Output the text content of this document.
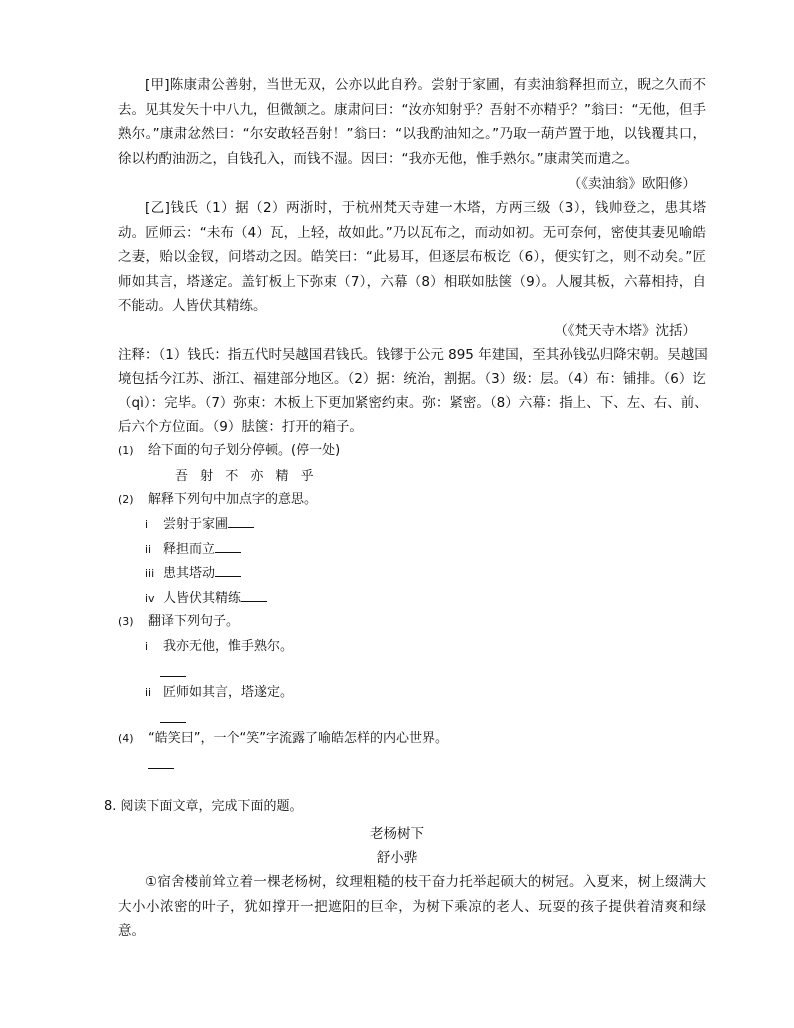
[甲]陈康肃公善射，当世无双，公亦以此自矜。尝射于家圃，有卖油翁释担而立，睨之久而不去。见其发矢十中八九，但微颔之。康肃问曰：“汝亦知射乎？吾射不亦精乎？”翁曰：“无他，但手熟尔。”康肃忿然曰：“尔安敢轻吾射！”翁曰：“以我酌油知之。”乃取一葫芦置于地，以钱覆其口，徐以杓酌油沥之，自钱孔入，而钱不湿。因曰：“我亦无他，惟手熟尔。”康肃笑而遣之。

（《卖油翁》欧阳修）

[乙]钱氏（1）据（2）两浙时，于杭州梵天寺建一木塔，方两三级（3），钱帅登之，患其塔动。匠师云：“未布（4）瓦，上轻，故如此。”乃以瓦布之，而动如初。无可奈何，密使其妻见喻皓之妻，贻以金钗，问塔动之因。皓笑曰：“此易耳，但逐层布板讫（6），便实钉之，则不动矣。”匠师如其言，塔遂定。盖钉板上下弥束（7），六幕（8）相联如胠箧（9）。人履其板，六幕相持，自不能动。人皆伏其精练。

（《梵天寺木塔》沈括）

注释：（1）钱氏：指五代时吴越国君钱氏。钱镠于公元 895 年建国，至其孙钱弘归降宋朝。吴越国境包括今江苏、浙江、福建部分地区。（2）据：统治，割据。（3）级：层。（4）布：铺排。（6）讫（qì）：完毕。（7）弥束：木板上下更加紧密约束。弥：紧密。（8）六幕：指上、下、左、右、前、后六个方位面。（9）胠箧：打开的箱子。

(1) 给下面的句子划分停顿。(停一处)
吾 射 不 亦 精 乎
(2) 解释下列句中加点字的意思。
i 尝射于家圃
ii 释担而立
iii 患其塔动
iv 人皆伏其精练
(3) 翻译下列句子。
i 我亦无他，惟手熟尔。
ii 匠师如其言，塔遂定。
(4) “皓笑曰”，一个“笑”字流露了喻皓怎样的内心世界。
8. 阅读下面文章，完成下面的题。
老杨树下
舒小骅

①宿舍楼前耸立着一棵老杨树，纹理粗糙的枝干奋力托举起硕大的树冠。入夏来，树上缀满大大小小浓密的叶子，犹如撑开一把遮阳的巨伞，为树下乘凉的老人、玩耍的孩子提供着清爽和绿意。
